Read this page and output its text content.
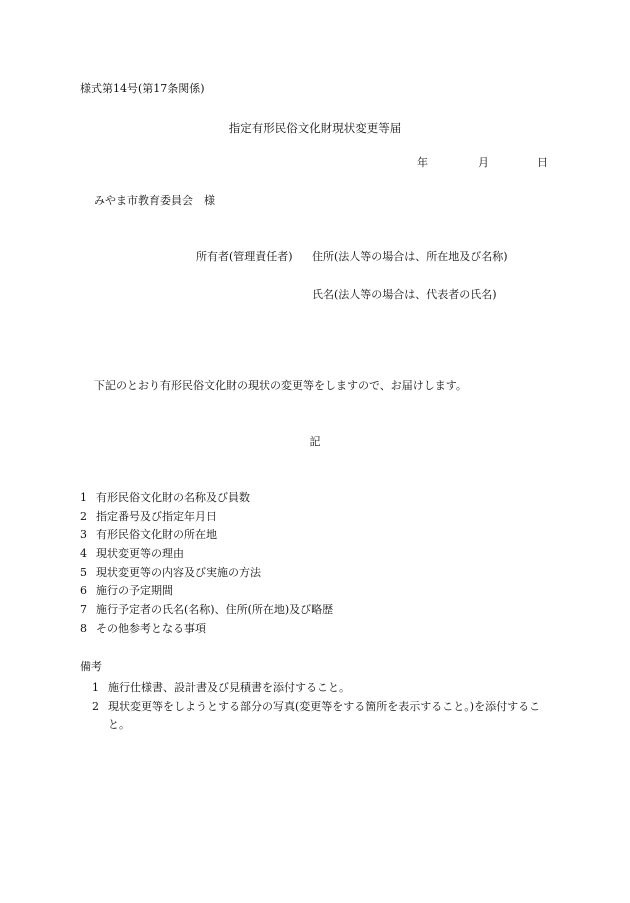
様式第14号(第17条関係)
指定有形民俗文化財現状変更等届
年	月	日
みやま市教育委員会　様
所有者(管理責任者) 住所(法人等の場合は、所在地及び名称)
氏名(法人等の場合は、代表者の氏名)
下記のとおり有形民俗文化財の現状の変更等をしますので、お届けします。
記
1 有形民俗文化財の名称及び員数
2 指定番号及び指定年月日
3 有形民俗文化財の所在地
4 現状変更等の理由
5 現状変更等の内容及び実施の方法
6 施行の予定期間
7 施行予定者の氏名(名称)、住所(所在地)及び略歴
8 その他参考となる事項
備考
1 施行仕様書、設計書及び見積書を添付すること。
2 現状変更等をしようとする部分の写真(変更等をする箇所を表示すること。)を添付すること。
